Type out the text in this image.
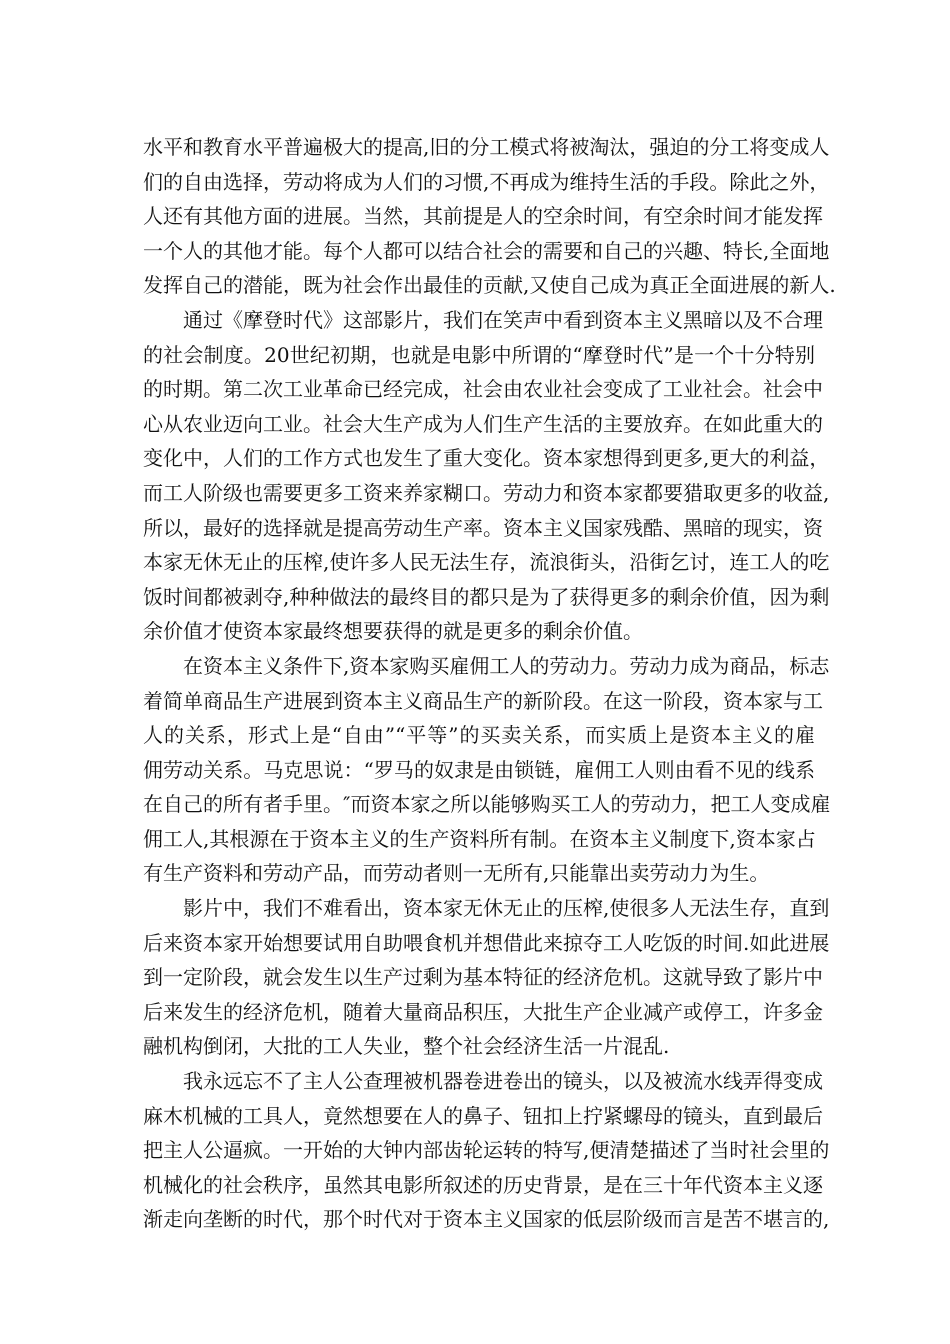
水平和教育水平普遍极大的提高,旧的分工模式将被淘汰，强迫的分工将变成人
们的自由选择，劳动将成为人们的习惯,不再成为维持生活的手段。除此之外，
人还有其他方面的进展。当然，其前提是人的空余时间，有空余时间才能发挥
一个人的其他才能。每个人都可以结合社会的需要和自己的兴趣、特长,全面地
发挥自己的潜能，既为社会作出最佳的贡献,又使自己成为真正全面进展的新人.
通过《摩登时代》这部影片，我们在笑声中看到资本主义黑暗以及不合理
的社会制度。20世纪初期，也就是电影中所谓的“摩登时代”是一个十分特别
的时期。第二次工业革命已经完成，社会由农业社会变成了工业社会。社会中
心从农业迈向工业。社会大生产成为人们生产生活的主要放弃。在如此重大的
变化中，人们的工作方式也发生了重大变化。资本家想得到更多,更大的利益，
而工人阶级也需要更多工资来养家糊口。劳动力和资本家都要猎取更多的收益,
所以，最好的选择就是提高劳动生产率。资本主义国家残酷、黑暗的现实，资
本家无休无止的压榨,使许多人民无法生存，流浪街头，沿街乞讨，连工人的吃
饭时间都被剥夺,种种做法的最终目的都只是为了获得更多的剩余价值，因为剩
余价值才使资本家最终想要获得的就是更多的剩余价值。
在资本主义条件下,资本家购买雇佣工人的劳动力。劳动力成为商品，标志
着简单商品生产进展到资本主义商品生产的新阶段。在这一阶段，资本家与工
人的关系，形式上是“自由”“平等”的买卖关系，而实质上是资本主义的雇
佣劳动关系。马克思说：“罗马的奴隶是由锁链，雇佣工人则由看不见的线系
在自己的所有者手里。″而资本家之所以能够购买工人的劳动力，把工人变成雇
佣工人,其根源在于资本主义的生产资料所有制。在资本主义制度下,资本家占
有生产资料和劳动产品，而劳动者则一无所有,只能靠出卖劳动力为生。
影片中，我们不难看出，资本家无休无止的压榨,使很多人无法生存，直到
后来资本家开始想要试用自助喂食机并想借此来掠夺工人吃饭的时间.如此进展
到一定阶段，就会发生以生产过剩为基本特征的经济危机。这就导致了影片中
后来发生的经济危机，随着大量商品积压，大批生产企业减产或停工，许多金
融机构倒闭，大批的工人失业，整个社会经济生活一片混乱.
我永远忘不了主人公查理被机器卷进卷出的镜头，以及被流水线弄得变成
麻木机械的工具人，竟然想要在人的鼻子、钮扣上拧紧螺母的镜头，直到最后
把主人公逼疯。一开始的大钟内部齿轮运转的特写,便清楚描述了当时社会里的
机械化的社会秩序，虽然其电影所叙述的历史背景，是在三十年代资本主义逐
渐走向垄断的时代，那个时代对于资本主义国家的低层阶级而言是苦不堪言的,
